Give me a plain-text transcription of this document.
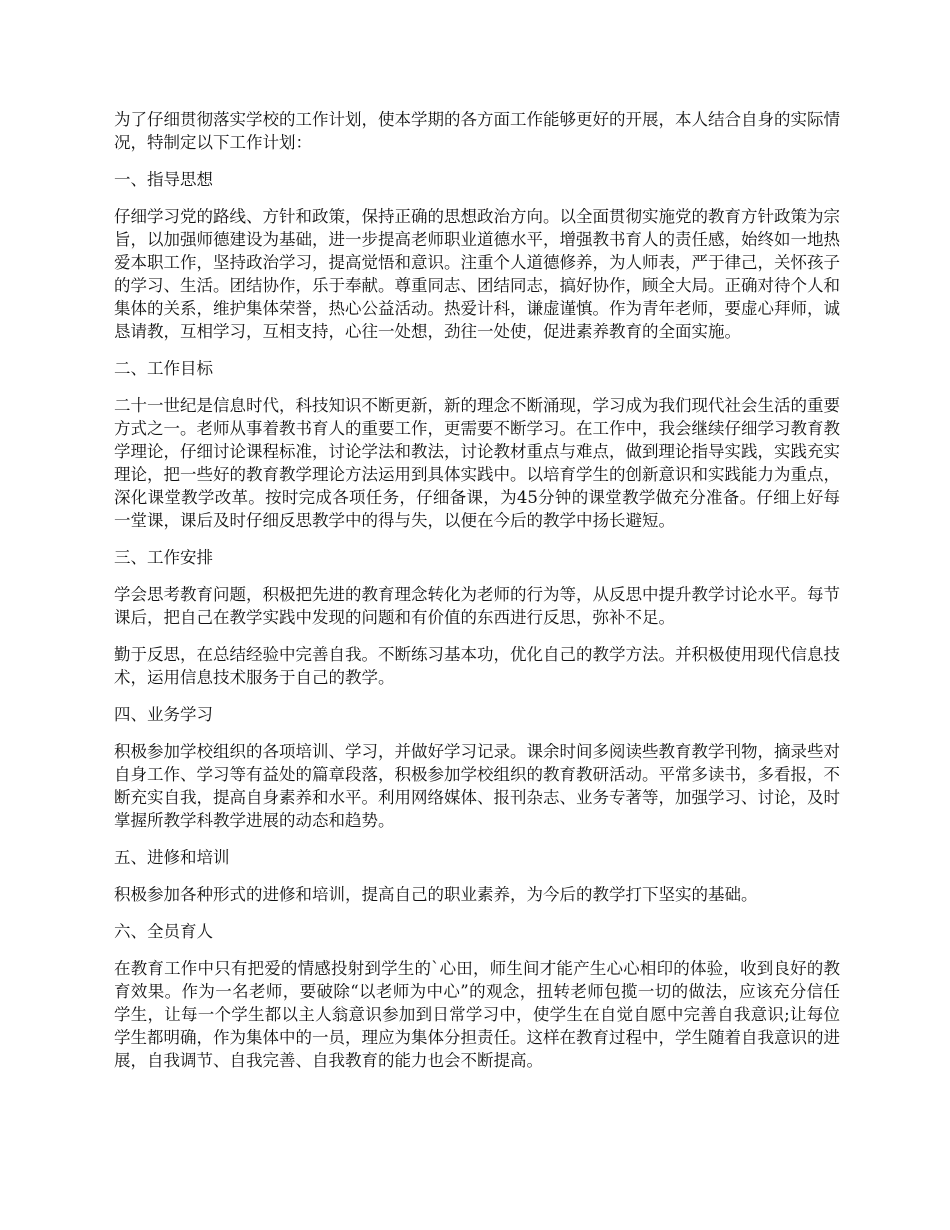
为了仔细贯彻落实学校的工作计划，使本学期的各方面工作能够更好的开展，本人结合自身的实际情况，特制定以下工作计划：

一、指导思想

仔细学习党的路线、方针和政策，保持正确的思想政治方向。以全面贯彻实施党的教育方针政策为宗旨，以加强师德建设为基础，进一步提高老师职业道德水平，增强教书育人的责任感，始终如一地热爱本职工作，坚持政治学习，提高觉悟和意识。注重个人道德修养，为人师表，严于律己，关怀孩子的学习、生活。团结协作，乐于奉献。尊重同志、团结同志，搞好协作，顾全大局。正确对待个人和集体的关系，维护集体荣誉，热心公益活动。热爱计科，谦虚谨慎。作为青年老师，要虚心拜师，诚恳请教，互相学习，互相支持，心往一处想，劲往一处使，促进素养教育的全面实施。

二、工作目标

二十一世纪是信息时代，科技知识不断更新，新的理念不断涌现，学习成为我们现代社会生活的重要方式之一。老师从事着教书育人的重要工作，更需要不断学习。在工作中，我会继续仔细学习教育教学理论，仔细讨论课程标准，讨论学法和教法，讨论教材重点与难点，做到理论指导实践，实践充实理论，把一些好的教育教学理论方法运用到具体实践中。以培育学生的创新意识和实践能力为重点，深化课堂教学改革。按时完成各项任务，仔细备课，为45分钟的课堂教学做充分准备。仔细上好每一堂课，课后及时仔细反思教学中的得与失，以便在今后的教学中扬长避短。

三、工作安排

学会思考教育问题，积极把先进的教育理念转化为老师的行为等，从反思中提升教学讨论水平。每节课后，把自己在教学实践中发现的问题和有价值的东西进行反思，弥补不足。

勤于反思，在总结经验中完善自我。不断练习基本功，优化自己的教学方法。并积极使用现代信息技术，运用信息技术服务于自己的教学。

四、业务学习

积极参加学校组织的各项培训、学习，并做好学习记录。课余时间多阅读些教育教学刊物，摘录些对自身工作、学习等有益处的篇章段落，积极参加学校组织的教育教研活动。平常多读书，多看报，不断充实自我，提高自身素养和水平。利用网络媒体、报刊杂志、业务专著等，加强学习、讨论，及时掌握所教学科教学进展的动态和趋势。

五、进修和培训

积极参加各种形式的进修和培训，提高自己的职业素养，为今后的教学打下坚实的基础。

六、全员育人

在教育工作中只有把爱的情感投射到学生的`心田，师生间才能产生心心相印的体验，收到良好的教育效果。作为一名老师，要破除“以老师为中心”的观念，扭转老师包揽一切的做法，应该充分信任学生，让每一个学生都以主人翁意识参加到日常学习中，使学生在自觉自愿中完善自我意识;让每位学生都明确，作为集体中的一员，理应为集体分担责任。这样在教育过程中，学生随着自我意识的进展，自我调节、自我完善、自我教育的能力也会不断提高。
